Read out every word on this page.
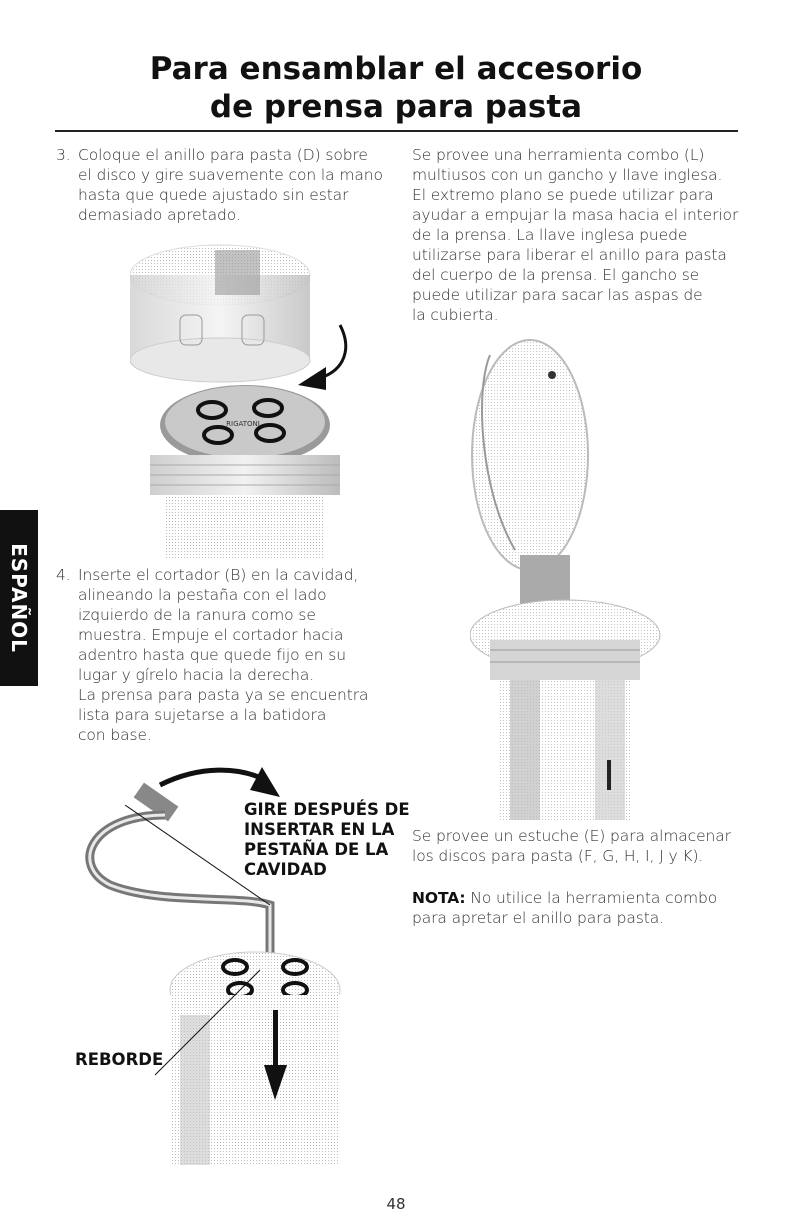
Para ensamblar el accesorio
de prensa para pasta
ESPAÑOL
3. Coloque el anillo para pasta (D) sobre
el disco y gire suavemente con la mano
hasta que quede ajustado sin estar
demasiado apretado.
4. Inserte el cortador (B) en la cavidad,
alineando la pestaña con el lado
izquierdo de la ranura como se
muestra. Empuje el cortador hacia
adentro hasta que quede fijo en su
lugar y gírelo hacia la derecha.
La prensa para pasta ya se encuentra
lista para sujetarse a la batidora
con base.
Se provee una herramienta combo (L)
multiusos con un gancho y llave inglesa.
El extremo plano se puede utilizar para
ayudar a empujar la masa hacia el interior
de la prensa. La llave inglesa puede
utilizarse para liberar el anillo para pasta
del cuerpo de la prensa. El gancho se
puede utilizar para sacar las aspas de
la cubierta.
Se provee un estuche (E) para almacenar
los discos para pasta (F, G, H, I, J y K).
NOTA: No utilice la herramienta combo
para apretar el anillo para pasta.
RIGATONI
GIRE DESPUÉS DE
INSERTAR EN LA
PESTAÑA DE LA
CAVIDAD
REBORDE
48
